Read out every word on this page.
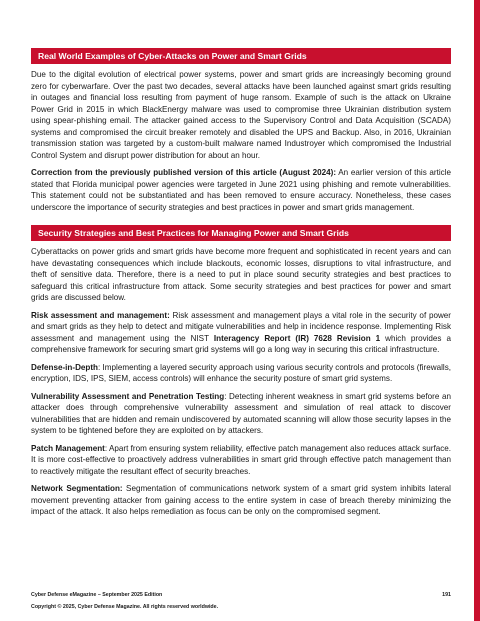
Real World Examples of Cyber-Attacks on Power and Smart Grids

Due to the digital evolution of electrical power systems, power and smart grids are increasingly becoming ground zero for cyberwarfare. Over the past two decades, several attacks have been launched against smart grids resulting in outages and financial loss resulting from payment of huge ransom. Example of such is the attack on Ukraine Power Grid in 2015 in which BlackEnergy malware was used to compromise three Ukrainian distribution system using spear-phishing email. The attacker gained access to the Supervisory Control and Data Acquisition (SCADA) systems and compromised the circuit breaker remotely and disabled the UPS and Backup. Also, in 2016, Ukrainian transmission station was targeted by a custom-built malware named Industroyer which compromised the Industrial Control System and disrupt power distribution for about an hour.

Correction from the previously published version of this article (August 2024): An earlier version of this article stated that Florida municipal power agencies were targeted in June 2021 using phishing and remote vulnerabilities. This statement could not be substantiated and has been removed to ensure accuracy. Nonetheless, these cases underscore the importance of security strategies and best practices in power and smart grids management.

Security Strategies and Best Practices for Managing Power and Smart Grids

Cyberattacks on power grids and smart grids have become more frequent and sophisticated in recent years and can have devastating consequences which include blackouts, economic losses, disruptions to vital infrastructure, and theft of sensitive data. Therefore, there is a need to put in place sound security strategies and best practices to safeguard this critical infrastructure from attack. Some security strategies and best practices for power and smart grids are discussed below.

Risk assessment and management: Risk assessment and management plays a vital role in the security of power and smart grids as they help to detect and mitigate vulnerabilities and help in incidence response. Implementing Risk assessment and management using the NIST Interagency Report (IR) 7628 Revision 1 which provides a comprehensive framework for securing smart grid systems will go a long way in securing this critical infrastructure.

Defense-in-Depth: Implementing a layered security approach using various security controls and protocols (firewalls, encryption, IDS, IPS, SIEM, access controls) will enhance the security posture of smart grid systems.

Vulnerability Assessment and Penetration Testing: Detecting inherent weakness in smart grid systems before an attacker does through comprehensive vulnerability assessment and simulation of real attack to discover vulnerabilities that are hidden and remain undiscovered by automated scanning will allow those security lapses in the system to be tightened before they are exploited on by attackers.

Patch Management: Apart from ensuring system reliability, effective patch management also reduces attack surface. It is more cost-effective to proactively address vulnerabilities in smart grid through effective patch management than to reactively mitigate the resultant effect of security breaches.

Network Segmentation: Segmentation of communications network system of a smart grid system inhibits lateral movement preventing attacker from gaining access to the entire system in case of breach thereby minimizing the impact of the attack. It also helps remediation as focus can be only on the compromised segment.

Cyber Defense eMagazine – September 2025 Edition	191
Copyright © 2025, Cyber Defense Magazine. All rights reserved worldwide.
